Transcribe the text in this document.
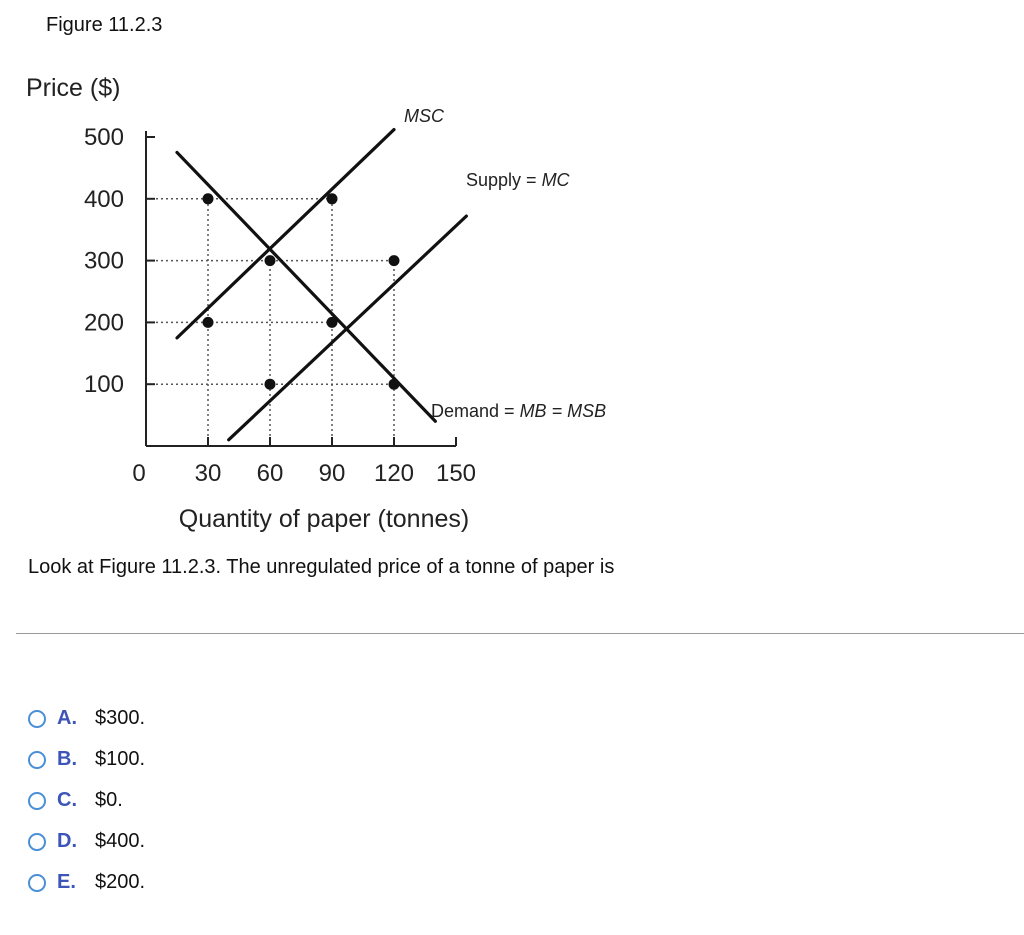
Figure 11.2.3
Price ($)
Quantity of paper (tonnes)
500
400
300
200
100
0 30 60 90 120 150
MSC
Supply = MC
Demand = MB = MSB
Look at Figure 11.2.3. The unregulated price of a tonne of paper is
A. $300.
B. $100.
C. $0.
D. $400.
E. $200.
